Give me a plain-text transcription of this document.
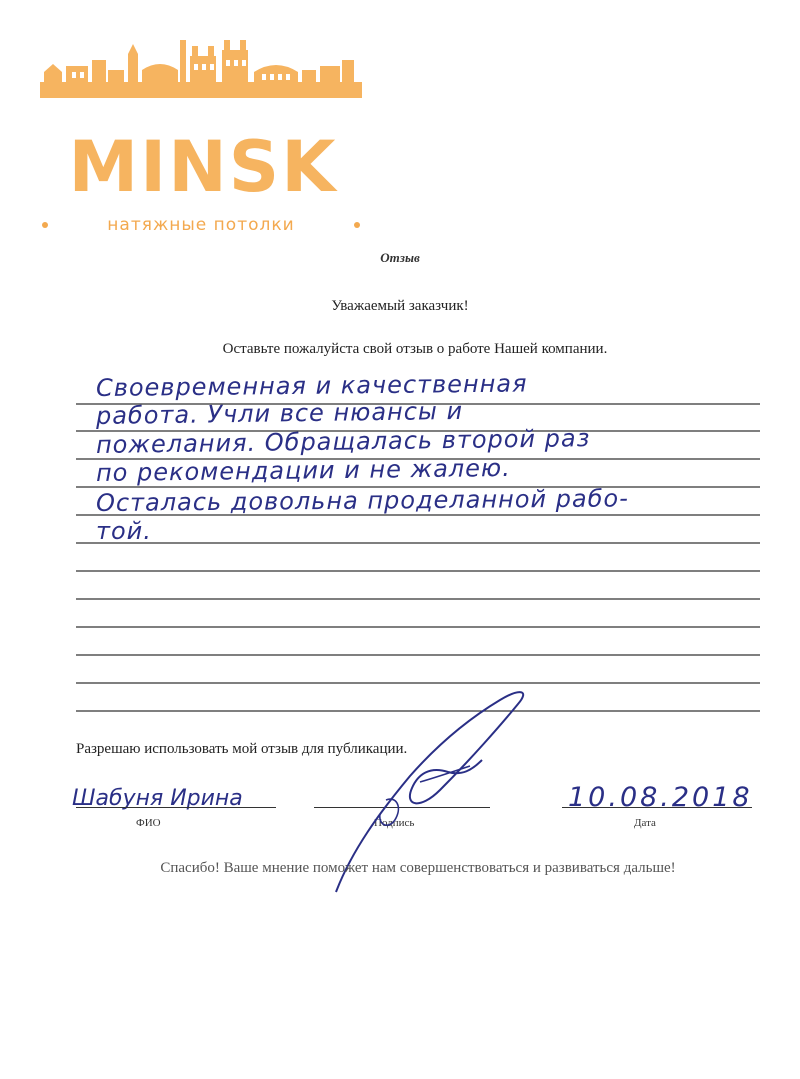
MINSK
натяжные потолки
Отзыв
Уважаемый заказчик!
Оставьте пожалуйста свой отзыв о работе Нашей компании.
Своевременная и качественная
работа. Учли все нюансы и
пожелания. Обращалась второй раз
по рекомендации и не жалею.
Осталась довольна проделанной рабо-
той.
Разрешаю использовать мой отзыв для публикации.
Шабуня Ирина
ФИО	Подпись
10.08.2018
Дата
Спасибо! Ваше мнение поможет нам совершенствоваться и развиваться дальше!
